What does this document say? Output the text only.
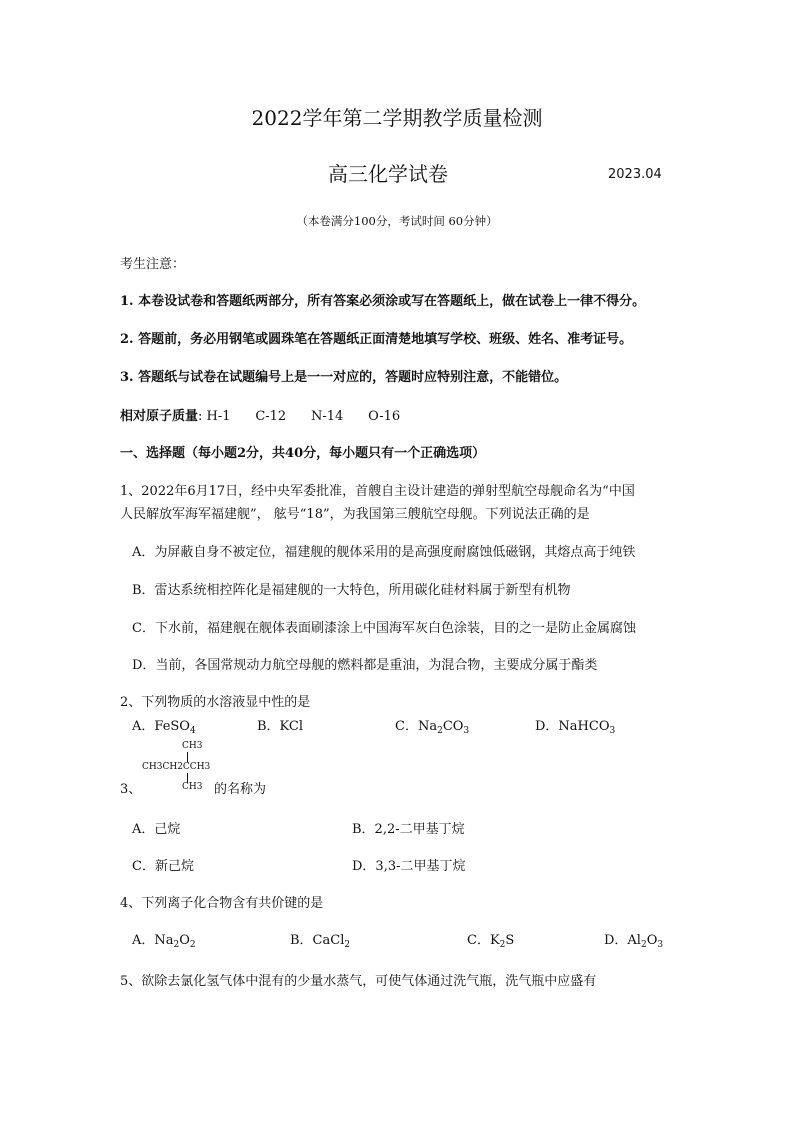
2022学年第二学期教学质量检测
高三化学试卷	2023.04
（本卷满分100分，考试时间 60分钟）
考生注意：
1. 本卷设试卷和答题纸两部分，所有答案必须涂或写在答题纸上，做在试卷上一律不得分。
2. 答题前，务必用钢笔或圆珠笔在答题纸正面清楚地填写学校、班级、姓名、准考证号。
3. 答题纸与试卷在试题编号上是一一对应的，答题时应特别注意，不能错位。
相对原子质量: H-1      C-12      N-14      O-16
一、选择题（每小题2分，共40分，每小题只有一个正确选项）
1、2022年6月17日，经中央军委批准，首艘自主设计建造的弹射型航空母舰命名为“中国
人民解放军海军福建舰”， 舷号“18”，为我国第三艘航空母舰。下列说法正确的是
A．为屏蔽自身不被定位，福建舰的舰体采用的是高强度耐腐蚀低磁钢，其熔点高于纯铁
B．雷达系统相控阵化是福建舰的一大特色，所用碳化硅材料属于新型有机物
C．下水前，福建舰在舰体表面刷漆涂上中国海军灰白色涂装，目的之一是防止金属腐蚀
D．当前，各国常规动力航空母舰的燃料都是重油，为混合物，主要成分属于酯类
2、下列物质的水溶液显中性的是
A．FeSO$_4$	B．KCl	C．$Na_2CO_3$	D．NaHCO$_3$
3、
CH3
CH3CH2CCH3
CH3 的名称为
A．己烷	B．2,2-二甲基丁烷
C．新己烷	D．3,3-二甲基丁烷
4、下列离子化合物含有共价键的是
A．$Na_2O_2$	B．CaCl$_2$	C．$K_2S$	D．$Al_2O_3$
5、欲除去氯化氢气体中混有的少量水蒸气，可使气体通过洗气瓶，洗气瓶中应盛有
